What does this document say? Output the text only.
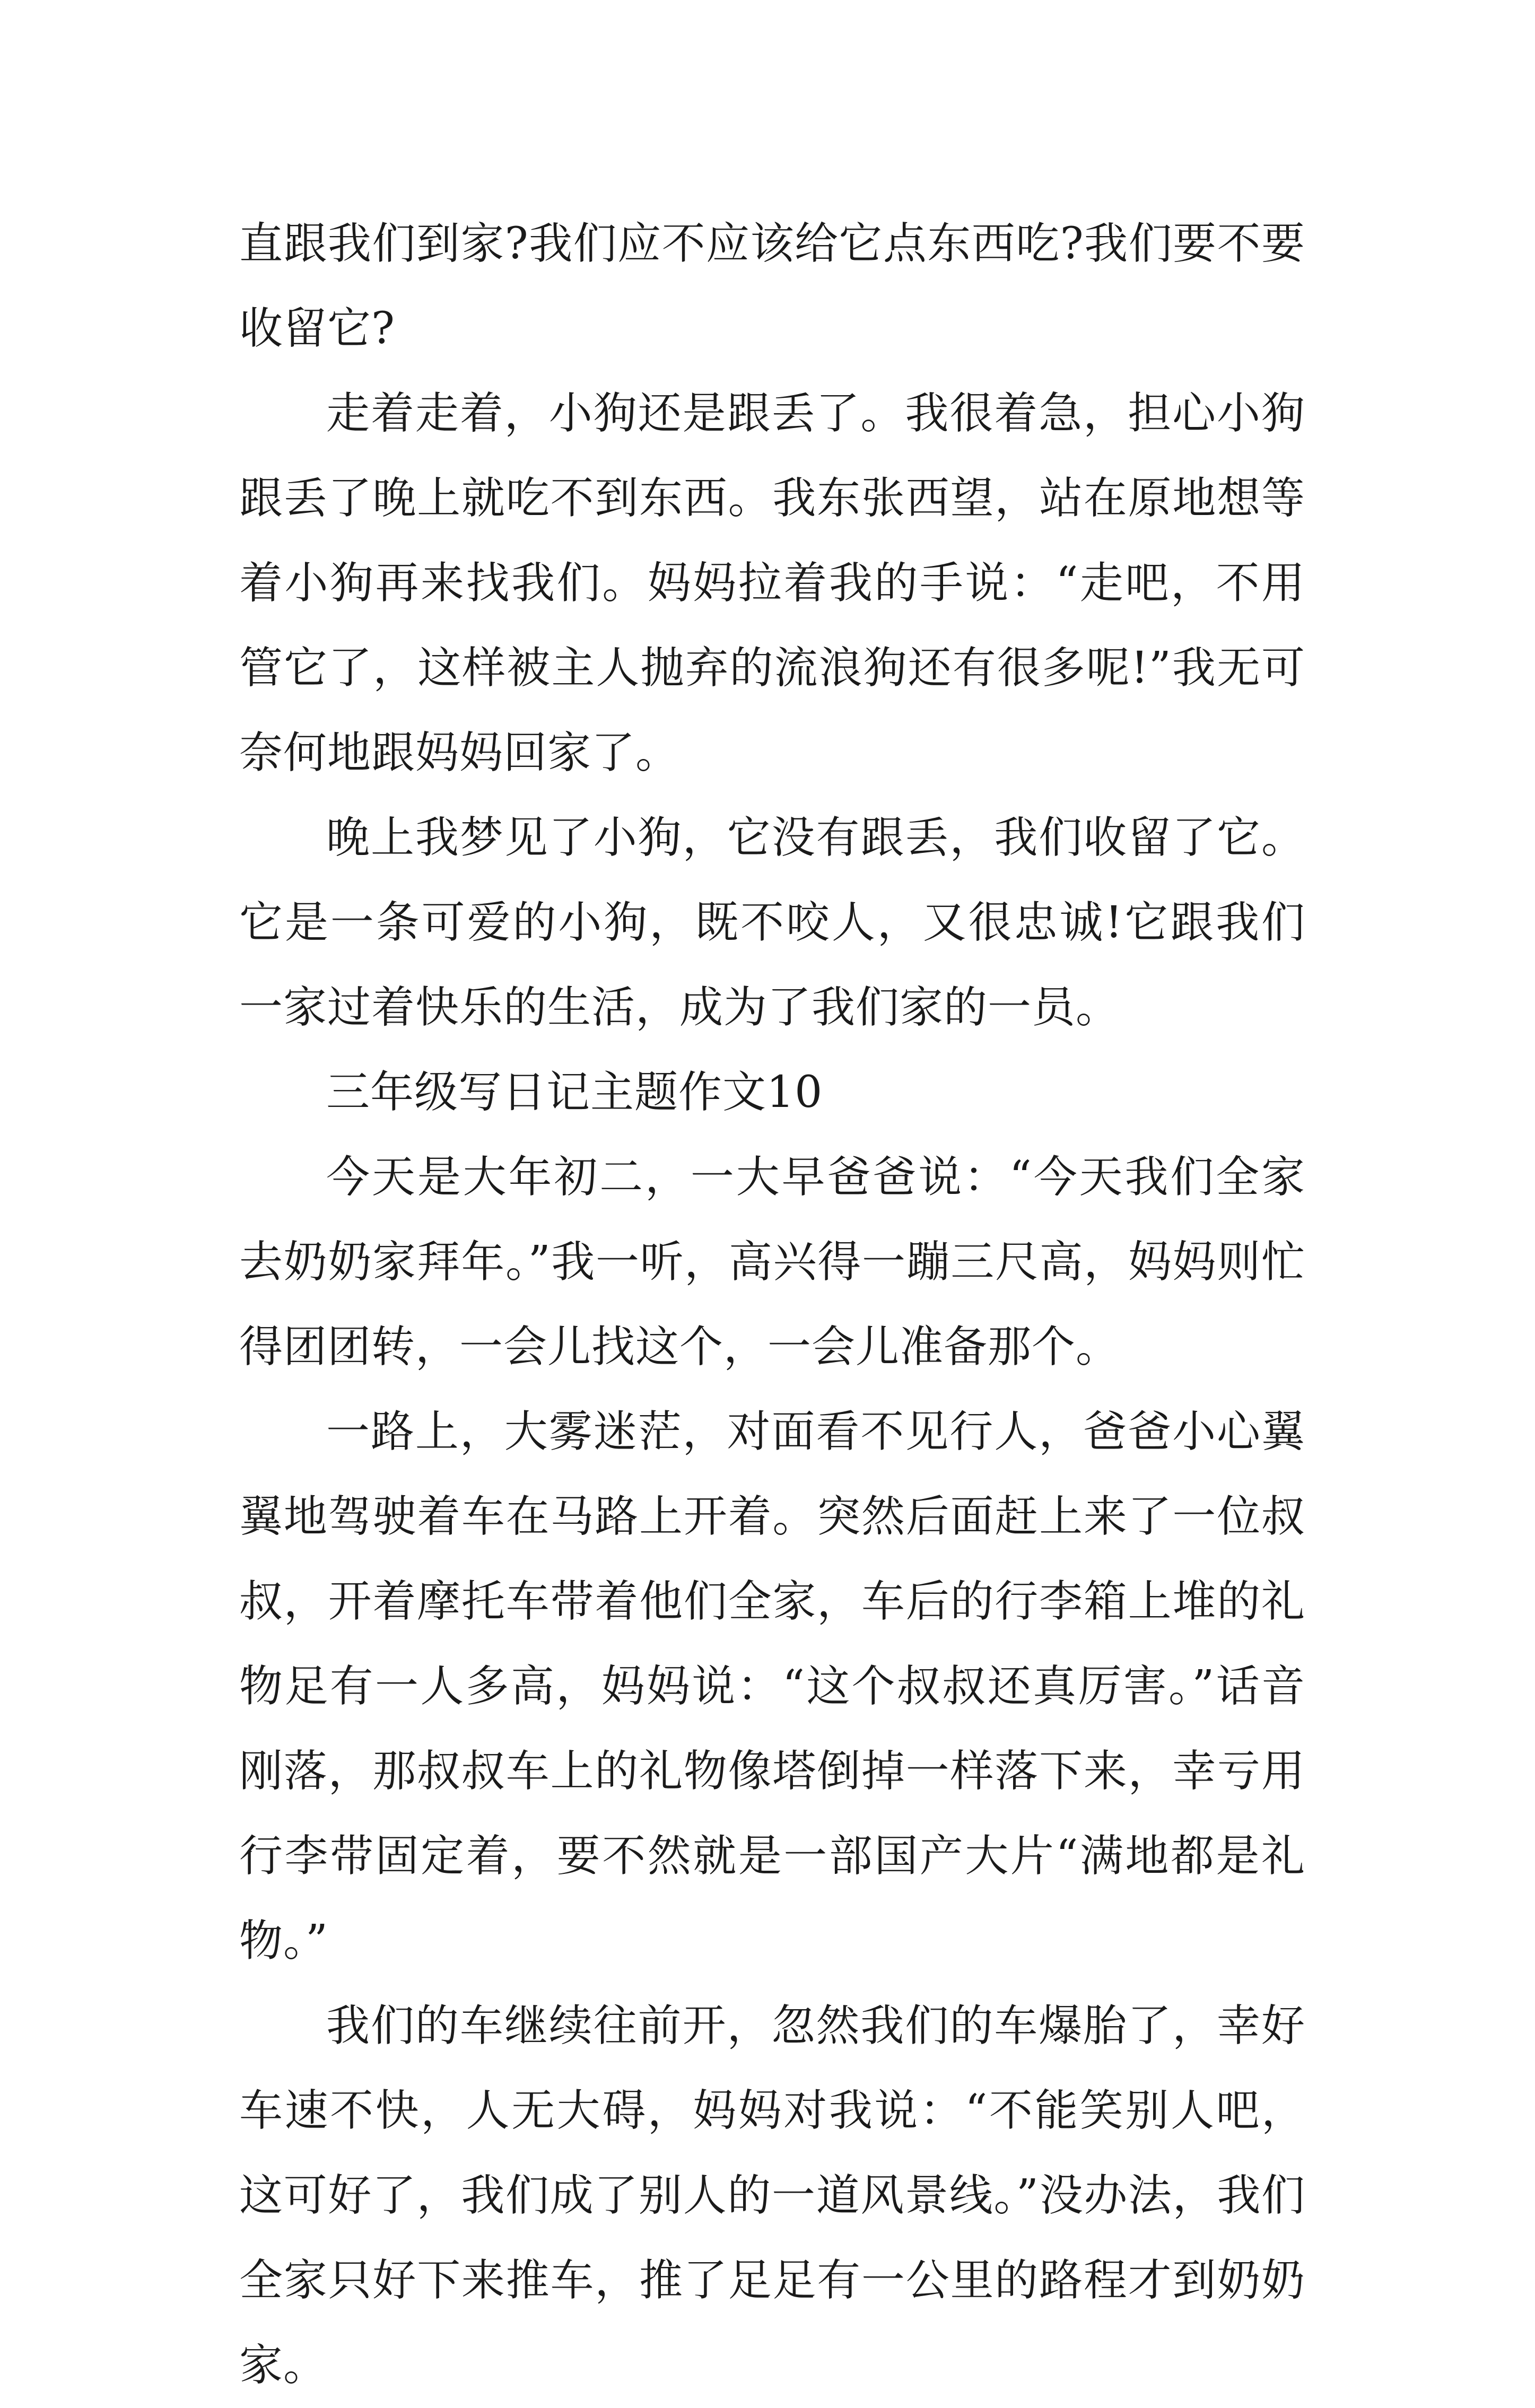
直跟我们到家?我们应不应该给它点东西吃?我们要不要收留它?

走着走着，小狗还是跟丢了。我很着急，担心小狗跟丢了晚上就吃不到东西。我东张西望，站在原地想等着小狗再来找我们。妈妈拉着我的手说：“走吧，不用管它了，这样被主人抛弃的流浪狗还有很多呢!”我无可奈何地跟妈妈回家了。

晚上我梦见了小狗，它没有跟丢，我们收留了它。它是一条可爱的小狗，既不咬人，又很忠诚!它跟我们一家过着快乐的生活，成为了我们家的一员。

三年级写日记主题作文10

今天是大年初二，一大早爸爸说：“今天我们全家去奶奶家拜年。”我一听，高兴得一蹦三尺高，妈妈则忙得团团转，一会儿找这个，一会儿准备那个。

一路上，大雾迷茫，对面看不见行人，爸爸小心翼翼地驾驶着车在马路上开着。突然后面赶上来了一位叔叔，开着摩托车带着他们全家，车后的行李箱上堆的礼物足有一人多高，妈妈说：“这个叔叔还真厉害。”话音刚落，那叔叔车上的礼物像塔倒掉一样落下来，幸亏用行李带固定着，要不然就是一部国产大片“满地都是礼物。”

我们的车继续往前开，忽然我们的车爆胎了，幸好车速不快，人无大碍，妈妈对我说：“不能笑别人吧，这可好了，我们成了别人的一道风景线。”没办法，我们全家只好下来推车，推了足足有一公里的路程才到奶奶家。
